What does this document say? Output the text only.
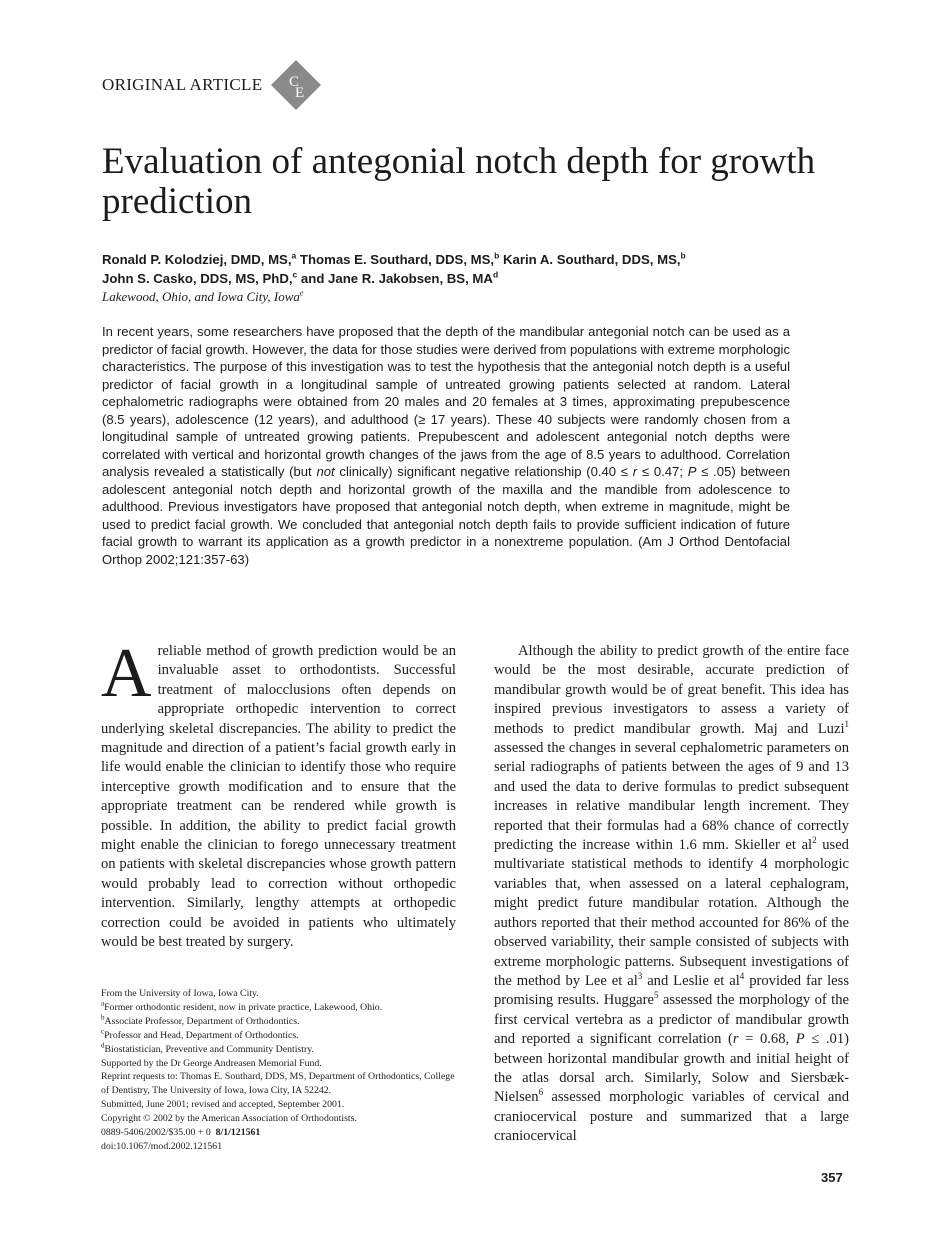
ORIGINAL ARTICLE C
E
Evaluation of antegonial notch depth for growth prediction

Ronald P. Kolodziej, DMD, MS,$^a$ Thomas E. Southard, DDS, MS,$^b$ Karin A. Southard, DDS, MS,$^b$
John S. Casko, DDS, MS, PhD,$^c$ and Jane R. Jakobsen, BS, $MA^d$

Lakewood, Ohio, and Iowa City, Iowa$^e$

In recent years, some researchers have proposed that the depth of the mandibular antegonial notch can be used as a predictor of facial growth. However, the data for those studies were derived from populations with extreme morphologic characteristics. The purpose of this investigation was to test the hypothesis that the antegonial notch depth is a useful predictor of facial growth in a longitudinal sample of untreated growing patients selected at random. Lateral cephalometric radiographs were obtained from 20 males and 20 females at 3 times, approximating prepubescence (8.5 years), adolescence (12 years), and adulthood (≥ 17 years). These 40 subjects were randomly chosen from a longitudinal sample of untreated growing patients. Prepubescent and adolescent antegonial notch depths were correlated with vertical and horizontal growth changes of the jaws from the age of 8.5 years to adulthood. Correlation analysis revealed a statistically (but not clinically) significant negative relationship (0.40 ≤ r ≤ 0.47; P ≤ .05) between adolescent antegonial notch depth and horizontal growth of the maxilla and the mandible from adolescence to adulthood. Previous investigators have proposed that antegonial notch depth, when extreme in magnitude, might be used to predict facial growth. We concluded that antegonial notch depth fails to provide sufficient indication of future facial growth to warrant its application as a growth predictor in a nonextreme population. (Am J Orthod Dentofacial Orthop 2002;121:357-63)

Areliable method of growth prediction would be an invaluable asset to orthodontists. Successful treatment of malocclusions often depends on appropriate orthopedic intervention to correct underlying skeletal discrepancies. The ability to predict the magnitude and direction of a patient’s facial growth early in life would enable the clinician to identify those who require interceptive growth modification and to ensure that the appropriate treatment can be rendered while growth is possible. In addition, the ability to predict facial growth might enable the clinician to forego unnecessary treatment on patients with skeletal discrepancies whose growth pattern would probably lead to correction without orthopedic intervention. Similarly, lengthy attempts at orthopedic correction could be avoided in patients who ultimately would be best treated by surgery.

Although the ability to predict growth of the entire face would be the most desirable, accurate prediction of mandibular growth would be of great benefit. This idea has inspired previous investigators to assess a variety of methods to predict mandibular growth. Maj and Luzi$^1$ assessed the changes in several cephalometric parameters on serial radiographs of patients between the ages of 9 and 13 and used the data to derive formulas to predict subsequent increases in relative mandibular length increment. They reported that their formulas had a 68% chance of correctly predicting the increase within 1.6 mm. Skieller et $al^2$ used multivariate statistical methods to identify 4 morphologic variables that, when assessed on a lateral cephalogram, might predict future mandibular rotation. Although the authors reported that their method accounted for 86% of the observed variability, their sample consisted of subjects with extreme morphologic patterns. Subsequent investigations of the method by Lee et $al^3$ and Leslie et $al^4$ provided far less promising results. Huggare$^5$ assessed the morphology of the first cervical vertebra as a predictor of mandibular growth and reported a significant correlation (r = 0.68, P ≤ .01) between horizontal mandibular growth and initial height of the atlas dorsal arch. Similarly, Solow and Siersbæk-Nielsen$^6$ assessed morphologic variables of cervical and craniocervical posture and summarized that a large craniocervical

From the University of Iowa, Iowa City.
$^a$Former orthodontic resident, now in private practice, Lakewood, Ohio.
$^b$Associate Professor, Department of Orthodontics.
$^c$Professor and Head, Department of Orthodontics.
$^d$Biostatistician, Preventive and Community Dentistry.
Supported by the Dr George Andreasen Memorial Fund.
Reprint requests to: Thomas E. Southard, DDS, MS, Department of Orthodontics, College of Dentistry, The University of Iowa, Iowa City, IA 52242.
Submitted, June 2001; revised and accepted, September 2001.
Copyright © 2002 by the American Association of Orthodontists.
0889-5406/2002/$35.00 + 0  8/1/121561
doi:10.1067/mod.2002.121561
357
